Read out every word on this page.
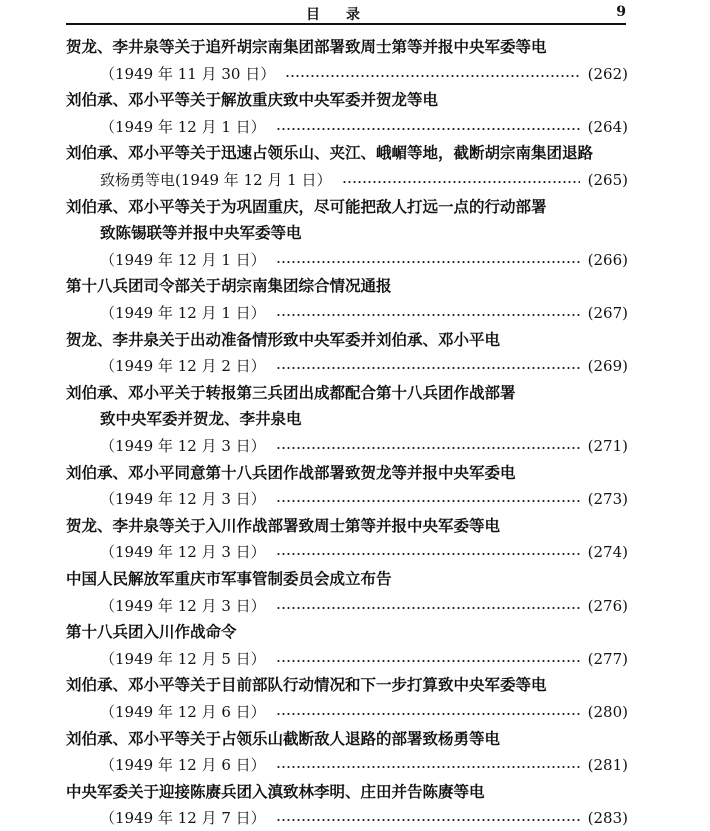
目录	9
贺龙、李井泉等关于追歼胡宗南集团部署致周士第等并报中央军委等电
（1949 年 11 月 30 日）	(262)
刘伯承、邓小平等关于解放重庆致中央军委并贺龙等电
（1949 年 12 月 1 日）	(264)
刘伯承、邓小平等关于迅速占领乐山、夹江、峨嵋等地，截断胡宗南集团退路
致杨勇等电(1949 年 12 月 1 日）	(265)
刘伯承、邓小平等关于为巩固重庆，尽可能把敌人打远一点的行动部署
致陈锡联等并报中央军委等电
（1949 年 12 月 1 日）	(266)
第十八兵团司令部关于胡宗南集团综合情况通报
（1949 年 12 月 1 日）	(267)
贺龙、李井泉关于出动准备情形致中央军委并刘伯承、邓小平电
（1949 年 12 月 2 日）	(269)
刘伯承、邓小平关于转报第三兵团出成都配合第十八兵团作战部署
致中央军委并贺龙、李井泉电
（1949 年 12 月 3 日）	(271)
刘伯承、邓小平同意第十八兵团作战部署致贺龙等并报中央军委电
（1949 年 12 月 3 日）	(273)
贺龙、李井泉等关于入川作战部署致周士第等并报中央军委等电
（1949 年 12 月 3 日）	(274)
中国人民解放军重庆市军事管制委员会成立布告
（1949 年 12 月 3 日）	(276)
第十八兵团入川作战命令
（1949 年 12 月 5 日）	(277)
刘伯承、邓小平等关于目前部队行动情况和下一步打算致中央军委等电
（1949 年 12 月 6 日）	(280)
刘伯承、邓小平等关于占领乐山截断敌人退路的部署致杨勇等电
（1949 年 12 月 6 日）	(281)
中央军委关于迎接陈赓兵团入滇致林李明、庄田并告陈赓等电
（1949 年 12 月 7 日）	(283)
